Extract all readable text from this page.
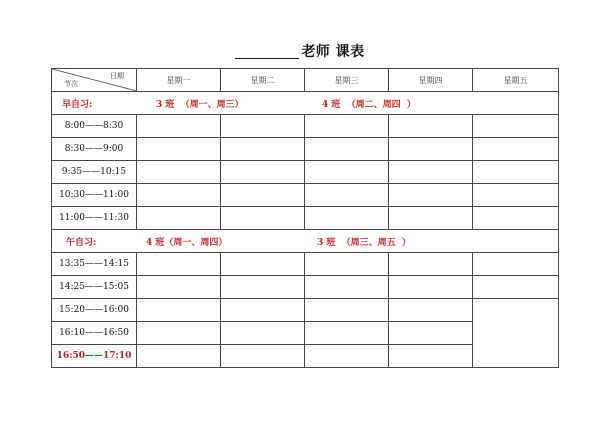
老师 课表
日期
节次	星期一	星期二	星期三	星期四	星期五

早自习: 3 班  （周一、周三） 4 班  （周二、周四  ）					

8:00——8:30					
8:30——9:00					
9:35——10:15					
10:30——11:00					
11:00——11:30					

午自习: 4 班（周一、周四） 3 班  （周三、周五  ）					

13:35——14:15					
14:25——15:05					
15:20——16:00					
16:10——16:50					
16:50——17:10					
